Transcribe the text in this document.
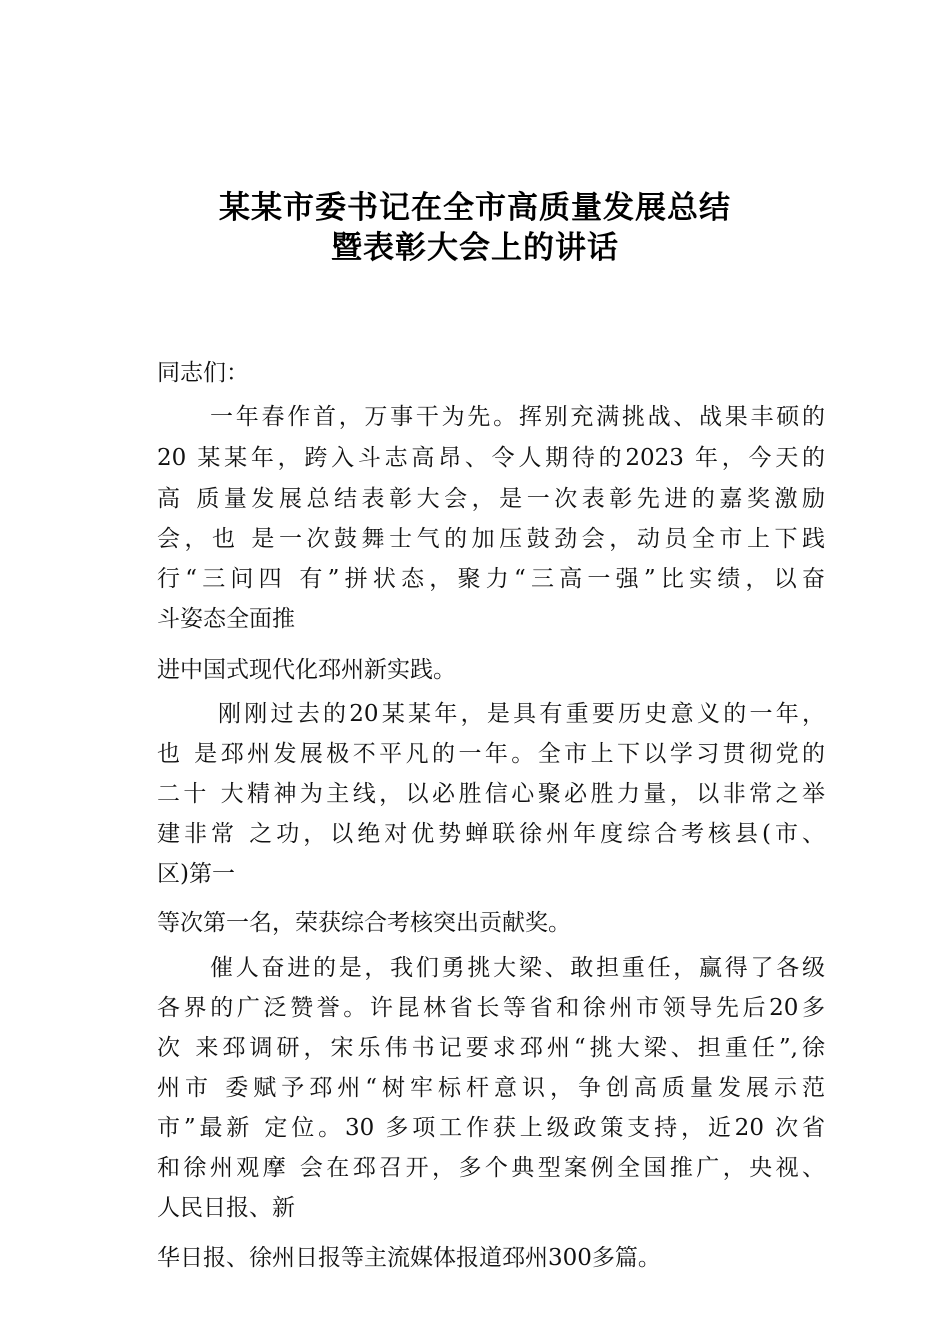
某某市委书记在全市高质量发展总结
暨表彰大会上的讲话
同志们：
一年春作首，万事干为先。挥别充满挑战、战果丰硕的
20 某某年，跨入斗志高昂、令人期待的2023 年，今天的
高 质量发展总结表彰大会，是一次表彰先进的嘉奖激励
会，也 是一次鼓舞士气的加压鼓劲会，动员全市上下践
行“三问四 有”拼状态，聚力“三高一强”比实绩，以奋
斗姿态全面推
进中国式现代化邳州新实践。
刚刚过去的20某某年，是具有重要历史意义的一年，
也 是邳州发展极不平凡的一年。全市上下以学习贯彻党的
二十 大精神为主线，以必胜信心聚必胜力量，以非常之举
建非常 之功，以绝对优势蝉联徐州年度综合考核县(市、
区)第一
等次第一名，荣获综合考核突出贡献奖。
催人奋进的是，我们勇挑大梁、敢担重任，赢得了各级
各界的广泛赞誉。许昆林省长等省和徐州市领导先后20多
次 来邳调研，宋乐伟书记要求邳州“挑大梁、担重任”,徐
州市 委赋予邳州“树牢标杆意识，争创高质量发展示范
市”最新 定位。30 多项工作获上级政策支持，近20 次省
和徐州观摩 会在邳召开，多个典型案例全国推广，央视、
人民日报、新
华日报、徐州日报等主流媒体报道邳州300多篇。
